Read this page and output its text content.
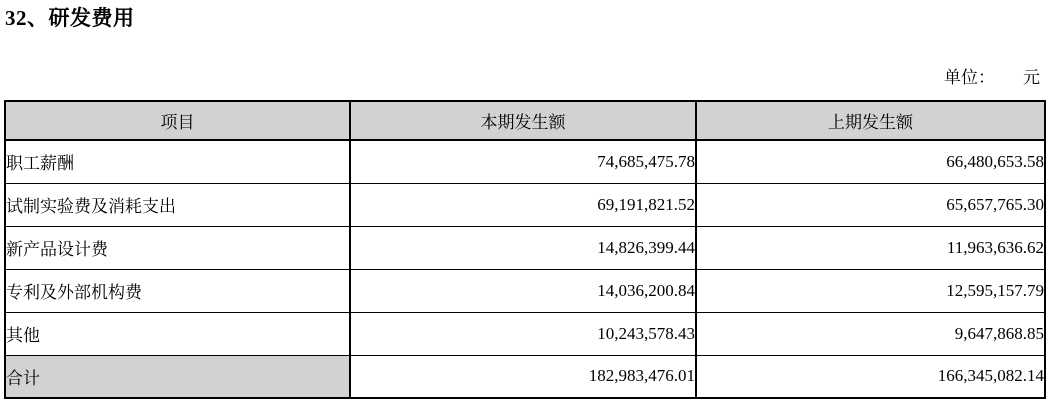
32、研发费用
单位： 元
项目	本期发生额	上期发生额
职工薪酬	74,685,475.78	66,480,653.58
试制实验费及消耗支出	69,191,821.52	65,657,765.30
新产品设计费	14,826,399.44	11,963,636.62
专利及外部机构费	14,036,200.84	12,595,157.79
其他	10,243,578.43	9,647,868.85
合计	182,983,476.01	166,345,082.14
